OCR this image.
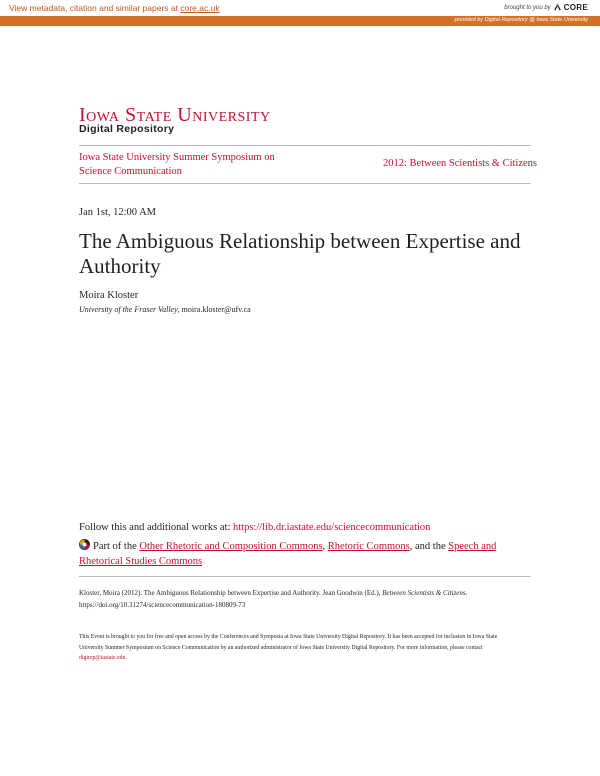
View metadata, citation and similar papers at core.ac.uk	brought to you by CORE
provided by Digital Repository @ Iowa State University
Iowa State University
Digital Repository
Iowa State University Summer Symposium on Science Communication
2012: Between Scientists & Citizens
Jan 1st, 12:00 AM
The Ambiguous Relationship between Expertise and Authority
Moira Kloster
University of the Fraser Valley, moira.kloster@ufv.ca
Follow this and additional works at: https://lib.dr.iastate.edu/sciencecommunication
Part of the Other Rhetoric and Composition Commons, Rhetoric Commons, and the Speech and Rhetorical Studies Commons
Kloster, Moira (2012). The Ambiguous Relationship between Expertise and Authority. Jean Goodwin (Ed.), Between Scientists & Citizens. https://doi.org/10.31274/sciencecommunication-180809-73
This Event is brought to you for free and open access by the Conferences and Symposia at Iowa State University Digital Repository. It has been accepted for inclusion in Iowa State University Summer Symposium on Science Communication by an authorized administrator of Iowa State University Digital Repository. For more information, please contact digirep@iastate.edu.
